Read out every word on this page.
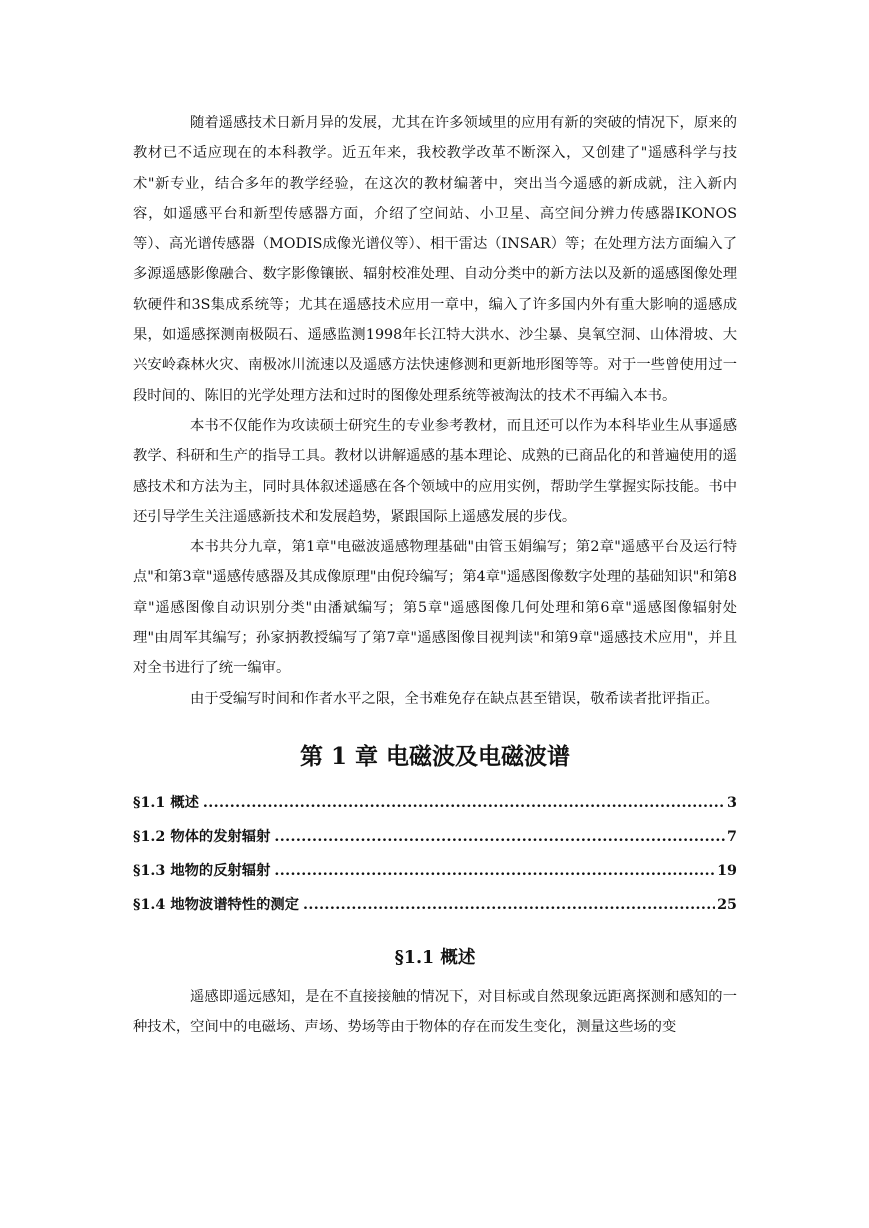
随着遥感技术日新月异的发展，尤其在许多领域里的应用有新的突破的情况下，原来的教材已不适应现在的本科教学。近五年来，我校教学改革不断深入，又创建了"遥感科学与技术"新专业，结合多年的教学经验，在这次的教材编著中，突出当今遥感的新成就，注入新内容，如遥感平台和新型传感器方面，介绍了空间站、小卫星、高空间分辨力传感器IKONOS等）、高光谱传感器（MODIS成像光谱仪等）、相干雷达（INSAR）等；在处理方法方面编入了多源遥感影像融合、数字影像镶嵌、辐射校准处理、自动分类中的新方法以及新的遥感图像处理软硬件和3S集成系统等；尤其在遥感技术应用一章中，编入了许多国内外有重大影响的遥感成果，如遥感探测南极陨石、遥感监测1998年长江特大洪水、沙尘暴、臭氧空洞、山体滑坡、大兴安岭森林火灾、南极冰川流速以及遥感方法快速修测和更新地形图等等。对于一些曾使用过一段时间的、陈旧的光学处理方法和过时的图像处理系统等被淘汰的技术不再编入本书。

本书不仅能作为攻读硕士研究生的专业参考教材，而且还可以作为本科毕业生从事遥感教学、科研和生产的指导工具。教材以讲解遥感的基本理论、成熟的已商品化的和普遍使用的遥感技术和方法为主，同时具体叙述遥感在各个领域中的应用实例，帮助学生掌握实际技能。书中还引导学生关注遥感新技术和发展趋势，紧跟国际上遥感发展的步伐。

本书共分九章，第1章"电磁波遥感物理基础"由管玉娟编写；第2章"遥感平台及运行特点"和第3章"遥感传感器及其成像原理"由倪玲编写；第4章"遥感图像数字处理的基础知识"和第8章"遥感图像自动识别分类"由潘斌编写；第5章"遥感图像几何处理和第6章"遥感图像辐射处理"由周军其编写；孙家抦教授编写了第7章"遥感图像目视判读"和第9章"遥感技术应用"，并且对全书进行了统一编审。

由于受编写时间和作者水平之限，全书难免存在缺点甚至错误，敬希读者批评指正。

第 1 章 电磁波及电磁波谱
§1.1 概述 .....	3
§1.2 物体的发射辐射 .....	7
§1.3 地物的反射辐射 .....	19
§1.4 地物波谱特性的测定 .....	25
§1.1 概述

遥感即遥远感知，是在不直接接触的情况下，对目标或自然现象远距离探测和感知的一种技术，空间中的电磁场、声场、势场等由于物体的存在而发生变化，测量这些场的变
